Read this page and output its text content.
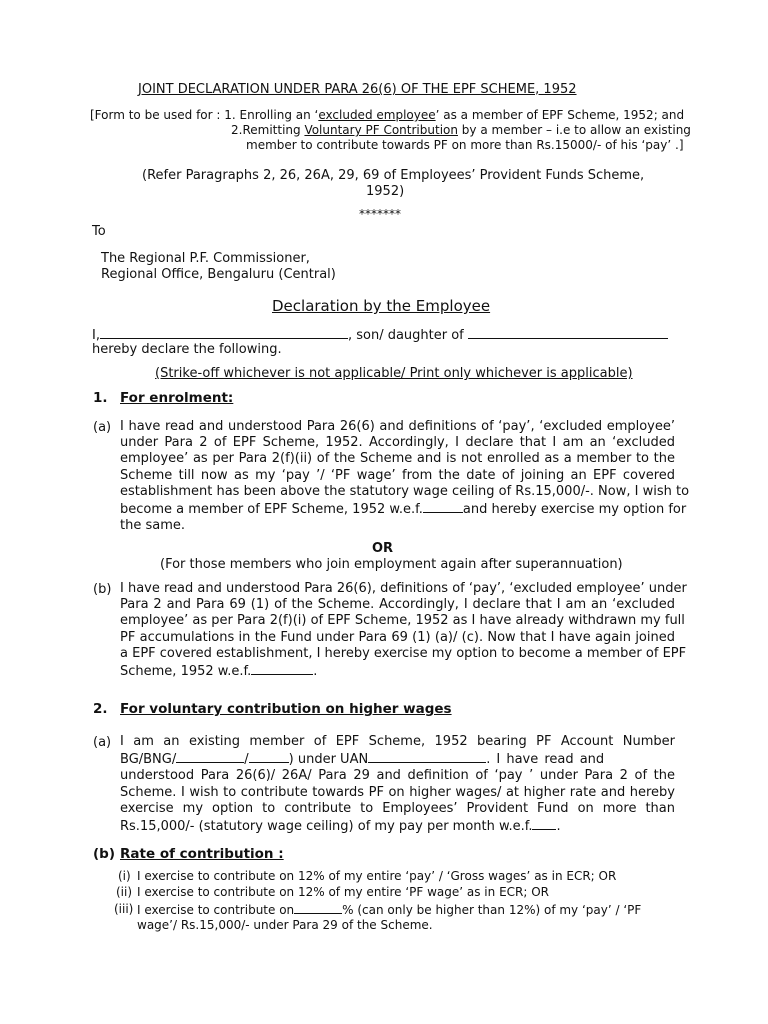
JOINT DECLARATION UNDER PARA 26(6) OF THE EPF SCHEME, 1952
[Form to be used for : 1. Enrolling an ‘excluded employee’ as a member of EPF Scheme, 1952; and
2.Remitting Voluntary PF Contribution by a member – i.e to allow an existing
member to contribute towards PF on more than Rs.15000/- of his ‘pay’ .]
(Refer Paragraphs 2, 26, 26A, 29, 69 of Employees’ Provident Funds Scheme,
1952)
*******
To
The Regional P.F. Commissioner,
Regional Office, Bengaluru (Central)
Declaration by the Employee
I,	, son/ daughter of
hereby declare the following.
(Strike-off whichever is not applicable/ Print only whichever is applicable)
1. For enrolment:
(a) I have read and understood Para 26(6) and definitions of ‘pay’, ‘excluded employee’
under Para 2 of EPF Scheme, 1952. Accordingly, I declare that I am an ‘excluded
employee’ as per Para 2(f)(ii) of the Scheme and is not enrolled as a member to the
Scheme till now as my ‘pay ’/ ‘PF wage’ from the date of joining an EPF covered
establishment has been above the statutory wage ceiling of Rs.15,000/-. Now, I wish to
become a member of EPF Scheme, 1952 w.e.f.	and hereby exercise my option for
the same.
OR
(For those members who join employment again after superannuation)
(b) I have read and understood Para 26(6), definitions of ‘pay’, ‘excluded employee’ under
Para 2 and Para 69 (1) of the Scheme. Accordingly, I declare that I am an ‘excluded
employee’ as per Para 2(f)(i) of EPF Scheme, 1952 as I have already withdrawn my full
PF accumulations in the Fund under Para 69 (1) (a)/ (c). Now that I have again joined
a EPF covered establishment, I hereby exercise my option to become a member of EPF
Scheme, 1952 w.e.f.	.
2. For voluntary contribution on higher wages
(a) I am an existing member of EPF Scheme, 1952 bearing PF Account Number
BG/BNG/	/	) under UAN	. I have read and
understood Para 26(6)/ 26A/ Para 29 and definition of ‘pay ’ under Para 2 of the
Scheme. I wish to contribute towards PF on higher wages/ at higher rate and hereby
exercise my option to contribute to Employees’ Provident Fund on more than
Rs.15,000/- (statutory wage ceiling) of my pay per month w.e.f. .
(b) Rate of contribution :
(i) I exercise to contribute on 12% of my entire ‘pay’ / ‘Gross wages’ as in ECR; OR
(ii) I exercise to contribute on 12% of my entire ‘PF wage’ as in ECR; OR
(iii) I exercise to contribute on	% (can only be higher than 12%) of my ‘pay’ / ‘PF
wage’/ Rs.15,000/- under Para 29 of the Scheme.
